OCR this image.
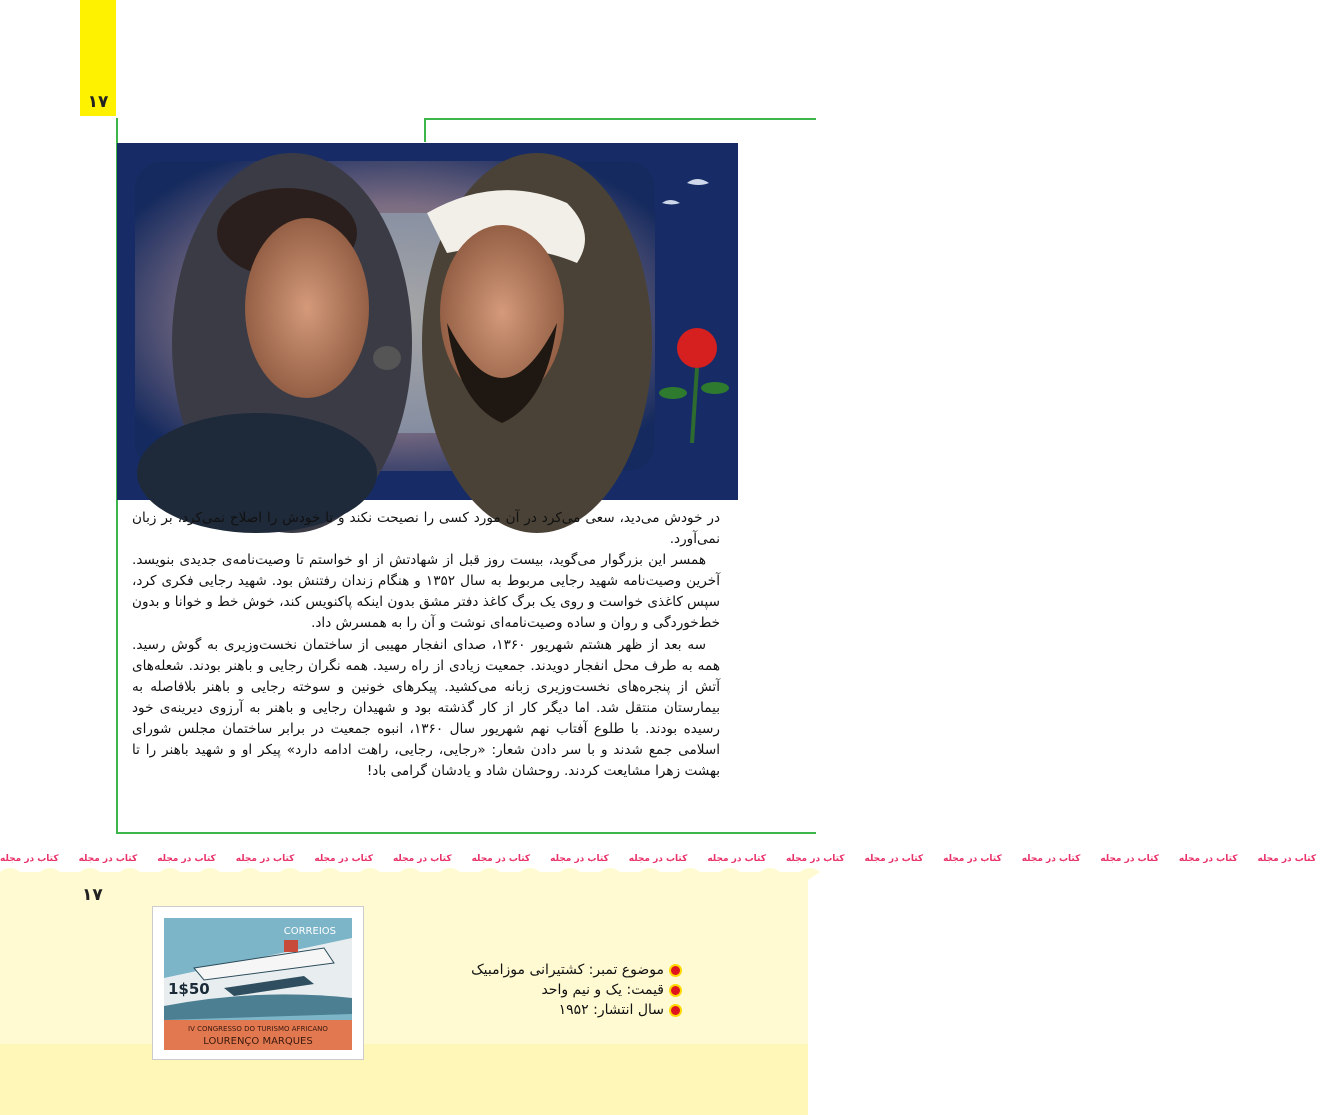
۱۷

در خودش می‌دید، سعی می‌کرد در آن مورد کسی را نصیحت نکند و تا خودش را اصلاح نمی‌کرد، بر زبان نمی‌آورد.

همسر این بزرگوار می‌گوید، بیست روز قبل از شهادتش از او خواستم تا وصیت‌نامه‌ی جدیدی بنویسد. آخرین وصیت‌نامه شهید رجایی مربوط به سال ۱۳۵۲ و هنگام زندان رفتنش بود. شهید رجایی فکری کرد، سپس کاغذی خواست و روی یک برگ کاغذ دفتر مشق بدون اینکه پاکنویس کند، خوش خط و خوانا و بدون خط‌خوردگی و روان و ساده وصیت‌نامه‌ای نوشت و آن را به همسرش داد.

سه بعد از ظهر هشتم شهریور ۱۳۶۰، صدای انفجار مهیبی از ساختمان نخست‌وزیری به گوش رسید. همه به طرف محل انفجار دویدند. جمعیت زیادی از راه رسید. همه نگران رجایی و باهنر بودند. شعله‌های آتش از پنجره‌های نخست‌وزیری زبانه می‌کشید. پیکرهای خونین و سوخته رجایی و باهنر بلافاصله به بیمارستان منتقل شد. اما دیگر کار از کار گذشته بود و شهیدان رجایی و باهنر به آرزوی دیرینه‌ی خود رسیده بودند. با طلوع آفتاب نهم شهریور سال ۱۳۶۰، انبوه جمعیت در برابر ساختمان مجلس شورای اسلامی جمع شدند و با سر دادن شعار: «رجایی، رجایی، راهت ادامه دارد» پیکر او و شهید باهنر را تا بهشت زهرا مشایعت کردند. روحشان شاد و یادشان گرامی باد!

کتاب در مجله کتاب در مجله کتاب در مجله کتاب در مجله کتاب در مجله کتاب در مجله کتاب در مجله کتاب در مجله کتاب در مجله کتاب در مجله کتاب در مجله کتاب در مجله کتاب در مجله کتاب در مجله کتاب در مجله کتاب در مجله کتاب در مجله
۱۷
CORREIOS
1$50
IV CONGRESSO DO TURISMO AFRICANO
LOURENÇO MARQUES
موضوع تمبر: کشتیرانی موزامبیک
قیمت: یک و نیم واحد
سال انتشار: ۱۹۵۲
